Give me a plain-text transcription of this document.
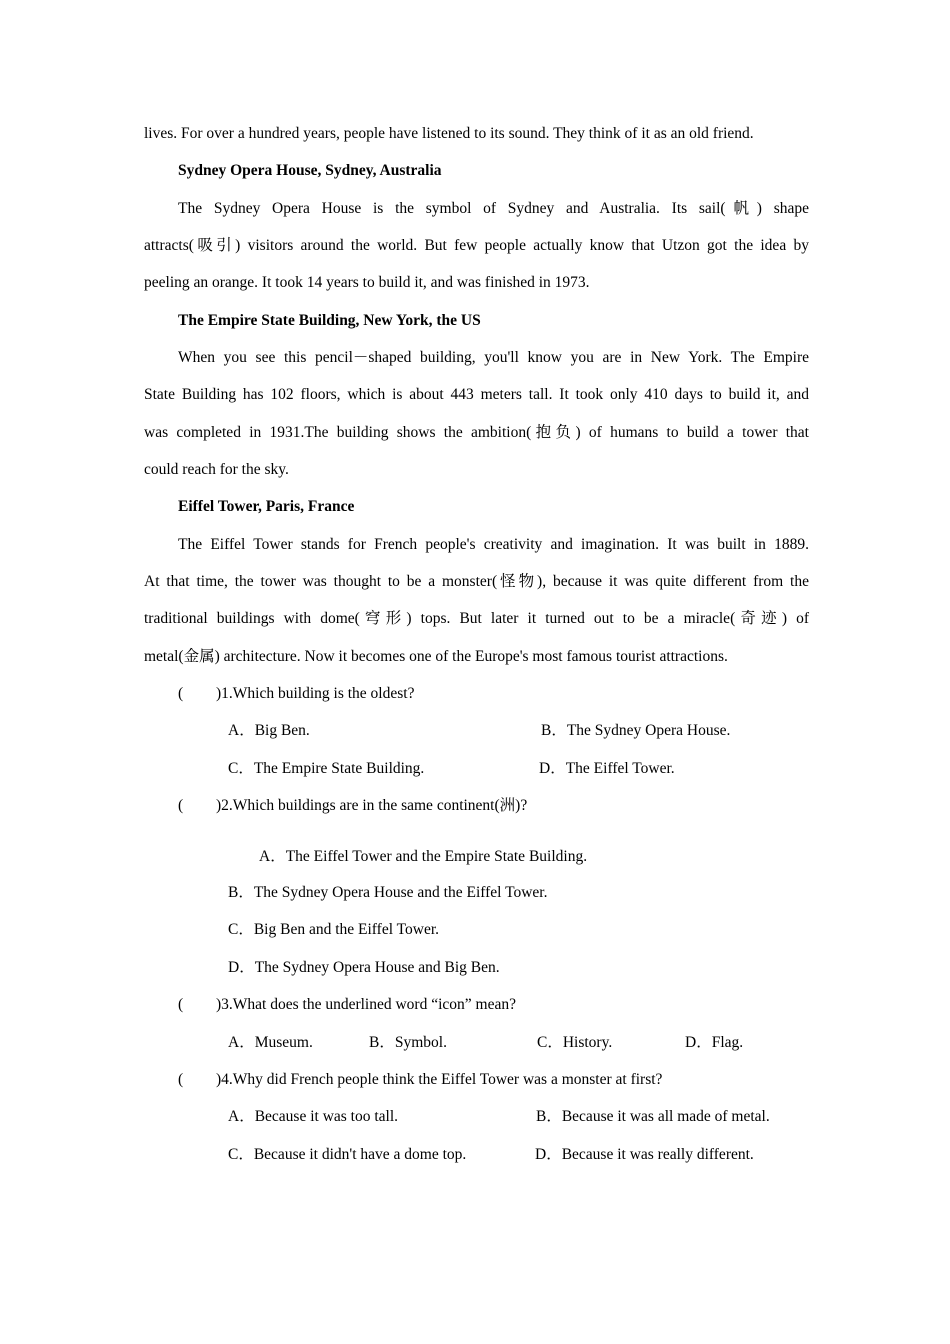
lives. For over a hundred years, people have listened to its sound. They think of it as an old friend.
Sydney Opera House, Sydney, Australia
The Sydney Opera House is the symbol of Sydney and Australia. Its sail(帆) shape
attracts(吸引) visitors around the world. But few people actually know that Utzon got the idea by
peeling an orange. It took 14 years to build it, and was finished in 1973.
The Empire State Building, New York, the US
When you see this pencil－shaped building, you'll know you are in New York. The Empire
State Building has 102 floors, which is about 443 meters tall. It took only 410 days to build it, and
was completed in 1931.The building shows the ambition(抱负) of humans to build a tower that
could reach for the sky.
Eiffel Tower, Paris, France
The Eiffel Tower stands for French people's creativity and imagination. It was built in 1889.
At that time, the tower was thought to be a monster(怪物), because it was quite different from the
traditional buildings with dome(穹形) tops. But later it turned out to be a miracle(奇迹) of
metal(金属) architecture. Now it becomes one of the Europe's most famous tourist attractions.
( )1.Which building is the oldest?
A．Big Ben.	B．The Sydney Opera House.
C．The Empire State Building.	D．The Eiffel Tower.
( )2.Which buildings are in the same continent(洲)?
A．The Eiffel Tower and the Empire State Building.
B．The Sydney Opera House and the Eiffel Tower.
C．Big Ben and the Eiffel Tower.
D．The Sydney Opera House and Big Ben.
( )3.What does the underlined word “icon” mean?
A．Museum.	B．Symbol.	C．History.	D．Flag.
( )4.Why did French people think the Eiffel Tower was a monster at first?
A．Because it was too tall.	B．Because it was all made of metal.
C．Because it didn't have a dome top.	D．Because it was really different.
